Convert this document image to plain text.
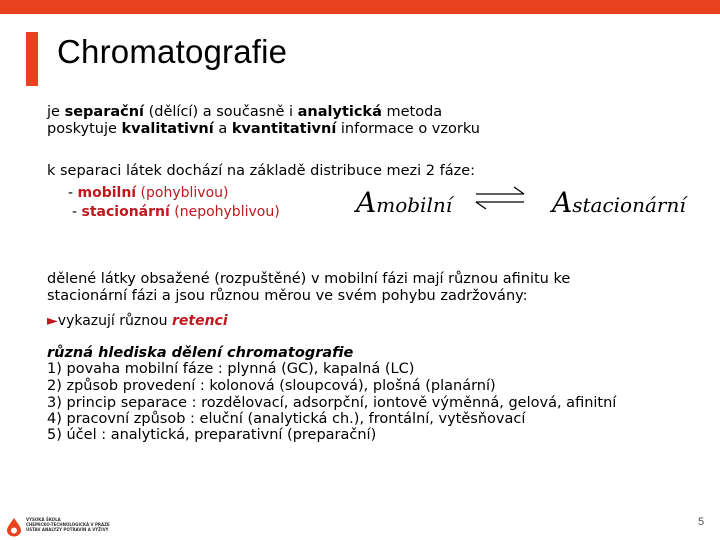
Chromatografie
je separační (dělící) a současně i analytická metoda
poskytuje kvalitativní a kvantitativní informace o vzorku
k separaci látek dochází na základě distribuce mezi 2 fáze:
- mobilní (pohyblivou)
- stacionární (nepohyblivou)	Amobilní ⇌ Astacionární
dělené látky obsažené (rozpuštěné) v mobilní fázi mají různou afinitu ke
stacionární fázi a jsou různou měrou ve svém pohybu zadržovány:
►vykazují různou retenci
různá hlediska dělení chromatografie
1) povaha mobilní fáze : plynná (GC), kapalná (LC)
2) způsob provedení : kolonová (sloupcová), plošná (planární)
3) princip separace : rozdělovací, adsorpční, iontově výměnná, gelová, afinitní
4) pracovní způsob : eluční (analytická ch.), frontální, vytěsňovací
5) účel : analytická, preparativní (preparační)
VYSOKÁ ŠKOLA
CHEMICKO-TECHNOLOGICKÁ V PRAZE
ÚSTAV ANALÝZY POTRAVIN A VÝŽIVY
5
